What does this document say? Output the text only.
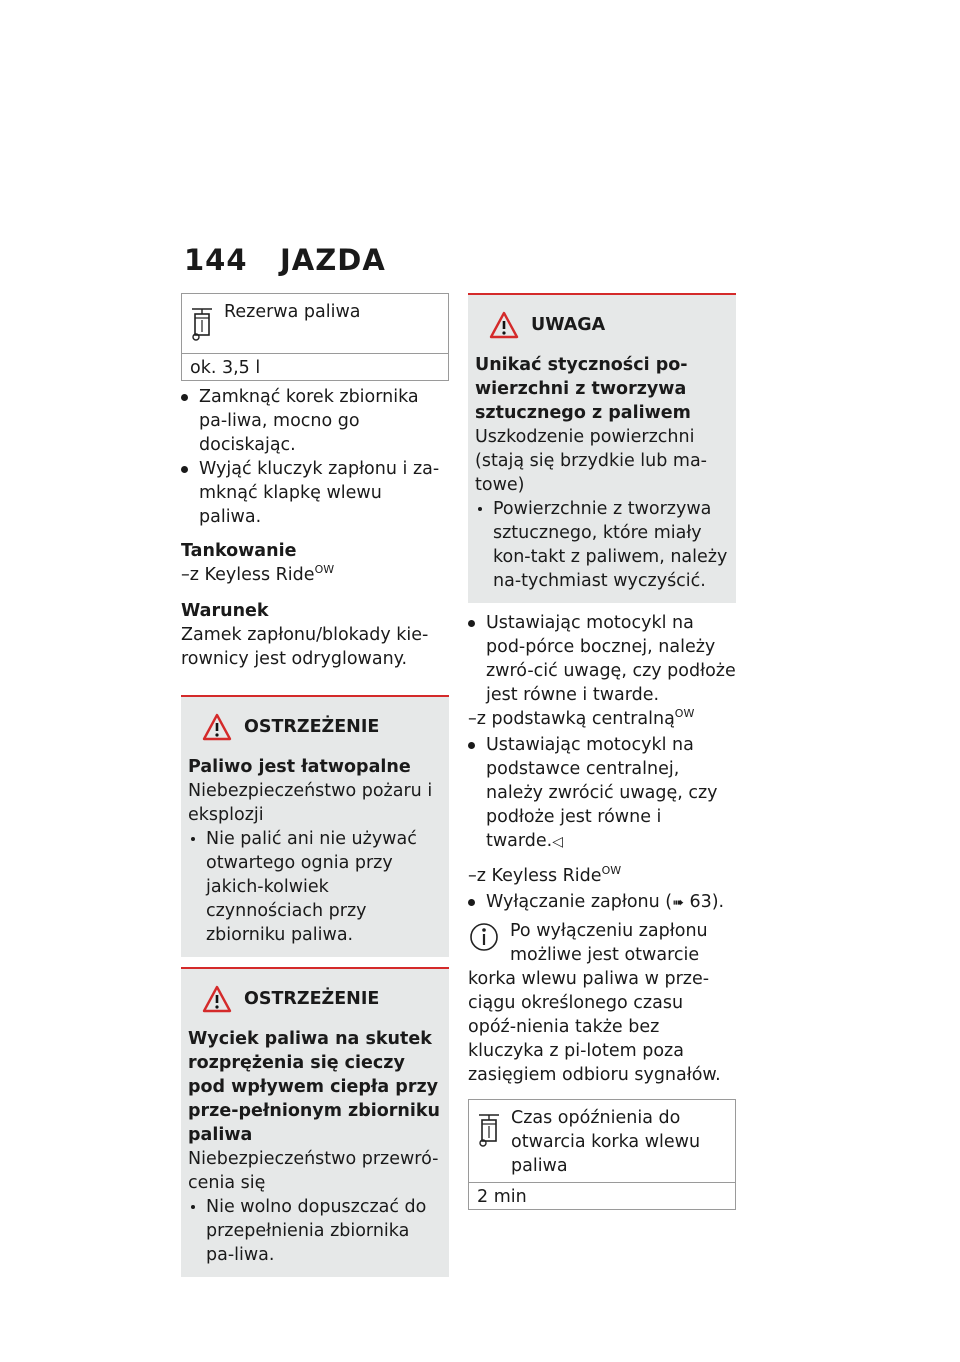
144 JAZDA
Rezerwa paliwa
ok. 3,5 l
Zamknąć korek zbiornika pa-liwa, mocno go dociskając.
Wyjąć kluczyk zapłonu i za-mknąć klapkę wlewu paliwa.
Tankowanie
–z Keyless Ride$^{OW}$
Warunek
Zamek zapłonu/blokady kie-rownicy jest odryglowany.
OSTRZEŻENIE
Paliwo jest łatwopalne
Niebezpieczeństwo pożaru i eksplozji
Nie palić ani nie używać otwartego ognia przy jakich-kolwiek czynnościach przy zbiorniku paliwa.
OSTRZEŻENIE
Wyciek paliwa na skutek rozprężenia się cieczy pod wpływem ciepła przy prze-pełnionym zbiorniku paliwa
Niebezpieczeństwo przewró-cenia się
Nie wolno dopuszczać do przepełnienia zbiornika pa-liwa.
UWAGA
Unikać styczności po-wierzchni z tworzywa sztucznego z paliwem
Uszkodzenie powierzchni (stają się brzydkie lub ma-towe)
Powierzchnie z tworzywa sztucznego, które miały kon-takt z paliwem, należy na-tychmiast wyczyścić.
Ustawiając motocykl na pod-pórce bocznej, należy zwró-cić uwagę, czy podłoże jest równe i twarde.
–z podstawką centralną$^{OW}$
Ustawiając motocykl na podstawce centralnej, należy zwrócić uwagę, czy podłoże jest równe i twarde.◁
–z Keyless Ride$^{OW}$
Wyłączanie zapłonu (➠ 63).
Po wyłączeniu zapłonu możliwe jest otwarcie korka wlewu paliwa w prze-ciągu określonego czasu opóź-nienia także bez kluczyka z pi-lotem poza zasięgiem odbioru sygnałów.
Czas opóźnienia do otwarcia korka wlewu paliwa
2 min
